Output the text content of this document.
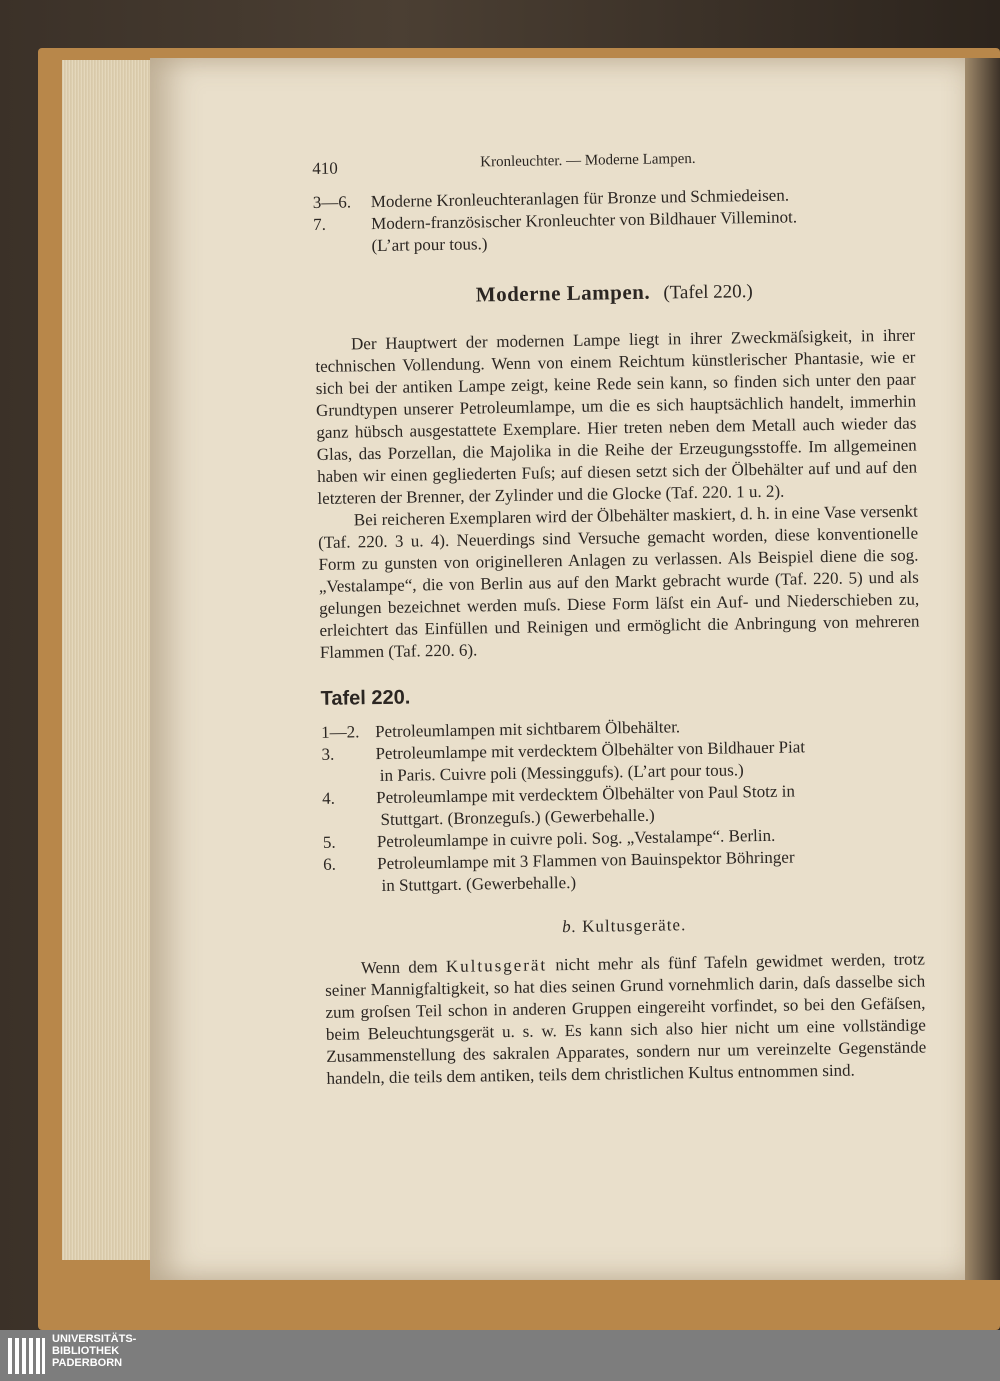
410	Kronleuchter. — Moderne Lampen.
3—6.	Moderne Kronleuchteranlagen für Bronze und Schmiedeisen.
7.	Modern-französischer Kronleuchter von Bildhauer Villeminot.
(L’art pour tous.)
Moderne Lampen. (Tafel 220.)

Der Hauptwert der modernen Lampe liegt in ihrer Zweckmäſsigkeit, in ihrer technischen Vollendung. Wenn von einem Reichtum künstlerischer Phantasie, wie er sich bei der antiken Lampe zeigt, keine Rede sein kann, so finden sich unter den paar Grundtypen unserer Petroleumlampe, um die es sich hauptsächlich handelt, immerhin ganz hübsch ausgestattete Exemplare. Hier treten neben dem Metall auch wieder das Glas, das Porzellan, die Majolika in die Reihe der Erzeugungsstoffe. Im allgemeinen haben wir einen gegliederten Fuſs; auf diesen setzt sich der Ölbehälter auf und auf den letzteren der Brenner, der Zylinder und die Glocke (Taf. 220. 1 u. 2).

Bei reicheren Exemplaren wird der Ölbehälter maskiert, d. h. in eine Vase versenkt (Taf. 220. 3 u. 4). Neuerdings sind Versuche gemacht worden, diese konventionelle Form zu gunsten von originelleren Anlagen zu verlassen. Als Beispiel diene die sog. „Vestalampe“, die von Berlin aus auf den Markt gebracht wurde (Taf. 220. 5) und als gelungen bezeichnet werden muſs. Diese Form läſst ein Auf- und Niederschieben zu, erleichtert das Einfüllen und Reinigen und ermöglicht die Anbringung von mehreren Flammen (Taf. 220. 6).

Tafel 220.
1—2. Petroleumlampen mit sichtbarem Ölbehälter.
3.	Petroleumlampe mit verdecktem Ölbehälter von Bildhauer Piat
in Paris. Cuivre poli (Messinggufs). (L’art pour tous.)
4.	Petroleumlampe mit verdecktem Ölbehälter von Paul Stotz in
Stuttgart. (Bronzeguſs.) (Gewerbehalle.)
5.	Petroleumlampe in cuivre poli. Sog. „Vestalampe“. Berlin.
6.	Petroleumlampe mit 3 Flammen von Bauinspektor Böhringer
in Stuttgart. (Gewerbehalle.)
b. Kultusgeräte.

Wenn dem Kultusgerät nicht mehr als fünf Tafeln gewidmet werden, trotz seiner Mannigfaltigkeit, so hat dies seinen Grund vornehmlich darin, daſs dasselbe sich zum groſsen Teil schon in anderen Gruppen eingereiht vorfindet, so bei den Gefäſsen, beim Beleuchtungsgerät u. s. w. Es kann sich also hier nicht um eine vollständige Zusammenstellung des sakralen Apparates, sondern nur um vereinzelte Gegenstände handeln, die teils dem antiken, teils dem christlichen Kultus entnommen sind.

UNIVERSITÄTS-
BIBLIOTHEK
PADERBORN
